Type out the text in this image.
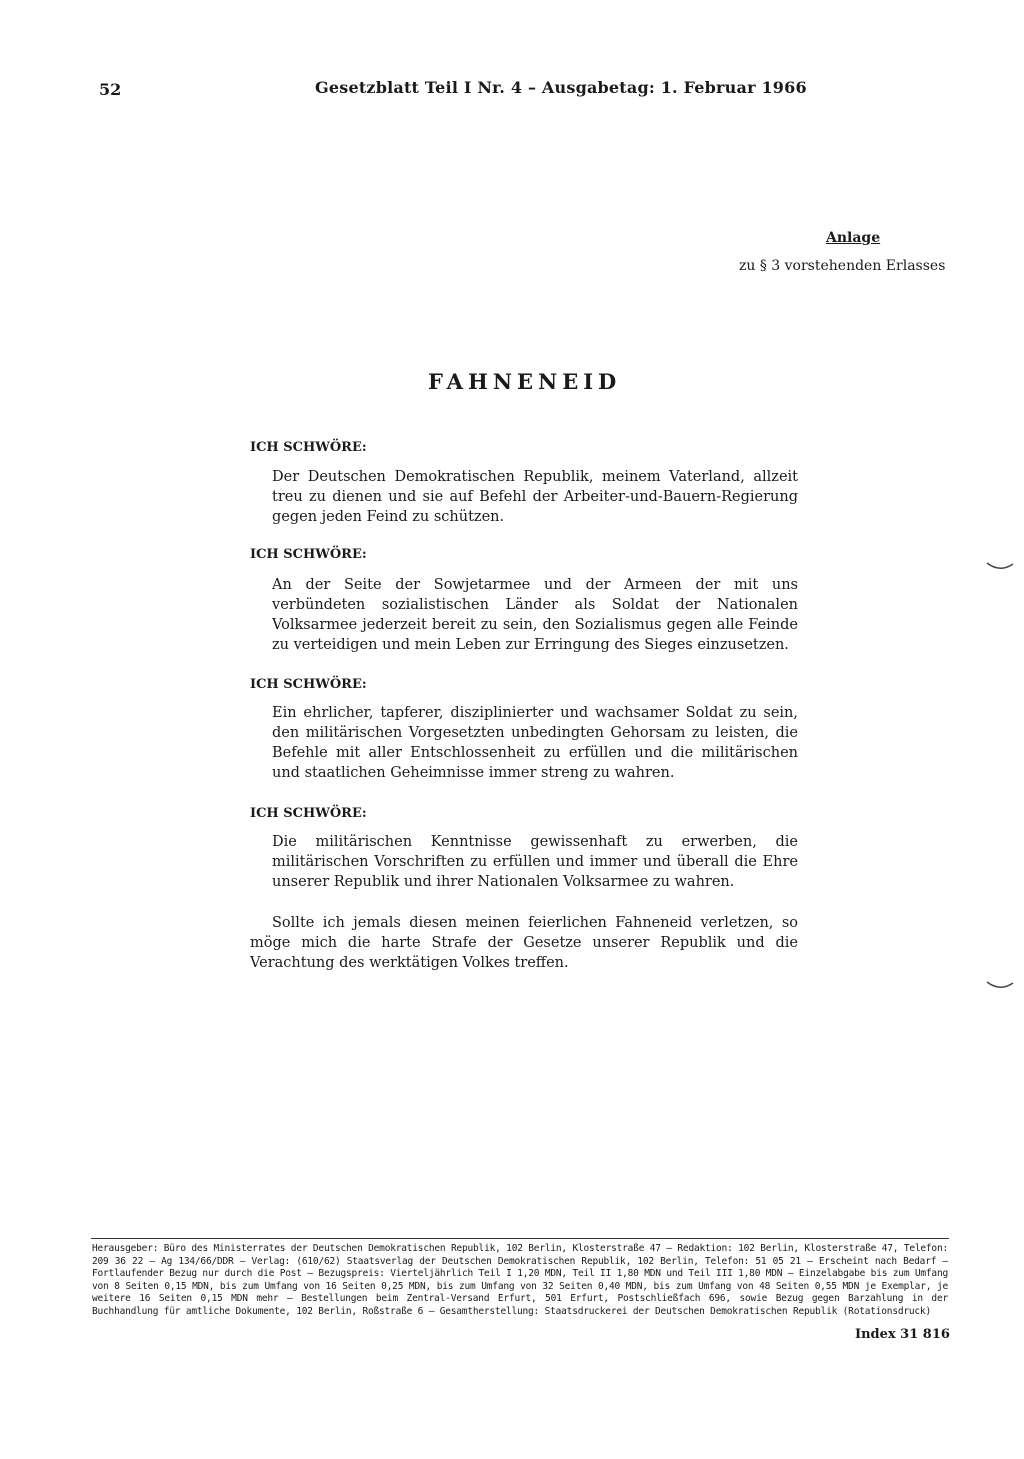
52	Gesetzblatt Teil I Nr. 4 – Ausgabetag: 1. Februar 1966
Anlage
zu § 3 vorstehenden Erlasses
FAHNENEID
ICH SCHWÖRE:

Der Deutschen Demokratischen Republik, meinem Vaterland, allzeit treu zu dienen und sie auf Befehl der Arbeiter-und-Bauern-Regierung gegen jeden Feind zu schützen.

ICH SCHWÖRE:

An der Seite der Sowjetarmee und der Armeen der mit uns verbündeten sozialistischen Länder als Soldat der Nationalen Volksarmee jederzeit bereit zu sein, den Sozialismus gegen alle Feinde zu verteidigen und mein Leben zur Erringung des Sieges einzusetzen.

ICH SCHWÖRE:

Ein ehrlicher, tapferer, disziplinierter und wachsamer Soldat zu sein, den militärischen Vorgesetzten unbedingten Gehorsam zu leisten, die Befehle mit aller Entschlossenheit zu erfüllen und die militärischen und staatlichen Geheimnisse immer streng zu wahren.

ICH SCHWÖRE:

Die militärischen Kenntnisse gewissenhaft zu erwerben, die militärischen Vorschriften zu erfüllen und immer und überall die Ehre unserer Republik und ihrer Nationalen Volksarmee zu wahren.

Sollte ich jemals diesen meinen feierlichen Fahneneid verletzen, so möge mich die harte Strafe der Gesetze unserer Republik und die Verachtung des werktätigen Volkes treffen.

Herausgeber: Büro des Ministerrates der Deutschen Demokratischen Republik, 102 Berlin, Klosterstraße 47 – Redaktion: 102 Berlin, Klosterstraße 47, Telefon: 209 36 22 – Ag 134/66/DDR – Verlag: (610/62) Staatsverlag der Deutschen Demokratischen Republik, 102 Berlin, Telefon: 51 05 21 – Erscheint nach Bedarf – Fortlaufender Bezug nur durch die Post – Bezugspreis: Vierteljährlich Teil I 1,20 MDN, Teil II 1,80 MDN und Teil III 1,80 MDN – Einzelabgabe bis zum Umfang von 8 Seiten 0,15 MDN, bis zum Umfang von 16 Seiten 0,25 MDN, bis zum Umfang von 32 Seiten 0,40 MDN, bis zum Umfang von 48 Seiten 0,55 MDN je Exemplar, je weitere 16 Seiten 0,15 MDN mehr – Bestellungen beim Zentral-Versand Erfurt, 501 Erfurt, Postschließfach 696, sowie Bezug gegen Barzahlung in der Buchhandlung für amtliche Dokumente, 102 Berlin, Roßstraße 6 – Gesamtherstellung: Staatsdruckerei der Deutschen Demokratischen Republik (Rotationsdruck)

Index 31 816
